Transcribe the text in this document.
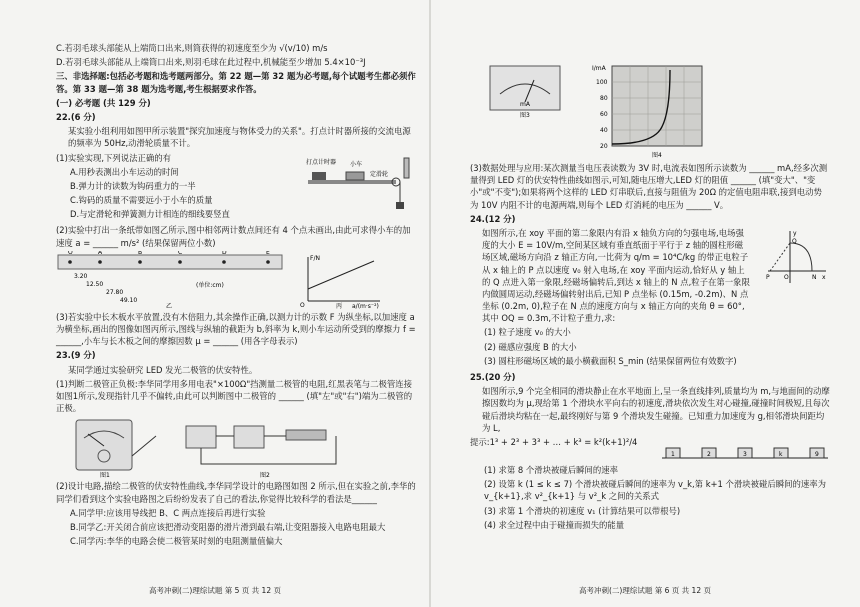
C.若羽毛球头部能从上端筒口出来,则筒获得的初速度至少为 √(v/10) m/s

D.若羽毛球头部能从上端筒口出来,则羽毛球在此过程中,机械能至少增加 5.4×10⁻³J

三、非选择题:包括必考题和选考题两部分。第 22 题—第 32 题为必考题,每个试题考生都必须作答。第 33 题—第 38 题为选考题,考生根据要求作答。

(一) 必考题 (共 129 分)

22.(6 分)

某实验小组利用如图甲所示装置"探究加速度与物体受力的关系"。打点计时器所接的交流电源的频率为 50Hz,动滑轮质量不计。

(1)实验实现,下列说法正确的有

A.用秒表测出小车运动的时间

B.弹力计的读数为钩码重力的一半

C.钩码的质量不需要远小于小车的质量

D.与定滑轮和弹簧测力计相连的细线要竖直

打点计时器 小车
定滑轮

(2)实验中打出一条纸带如图乙所示,图中相邻两计数点间还有 4 个点未画出,由此可求得小车的加速度 a = ______ m/s² (结果保留两位小数)

O	A	B	C	D	E
3.20
12.50
27.80
49.10
(单位:cm)
乙
F/N
a/(m·s⁻²)
O	丙

(3)若实验中长木板水平放置,没有木倍阻力,其余操作正确,以测力计的示数 F 为纵坐标,以加速度 a 为横坐标,画出的图像如图丙所示,图线与纵轴的截距为 b,斜率为 k,则小车运动所受到的摩擦力 f = ______,小车与长木板之间的摩擦因数 μ = ______ (用各字母表示)

23.(9 分)

某同学通过实验研究 LED 发光二极管的伏安特性。

(1)判断二极管正负极:李华同学用多用电表"×100Ω"挡测量二极管的电阻,红黑表笔与二极管连接如图1所示,发现指针几乎不偏转,由此可以判断图中二极管的 ______ (填"左"或"右")端为二极管的正极。

图1	图2

(2)设计电路,描绘二极管的伏安特性曲线,李华同学设计的电路图如图 2 所示,但在实验之前,李华的同学们看到这个实验电路图之后纷纷发表了自己的看法,你觉得比较科学的看法是______

A.同学甲:应该用导线把 B、C 两点连接后再进行实验

B.同学乙:开关闭合前应该把滑动变阻器的滑片滑到最右端,让变阻器接入电路电阻最大

C.同学丙:李华的电路会使二极管某时刻的电阻测量值偏大

高考冲刺(二)理综试题 第 5 页 共 12 页
mA
图3
I/mA
100
80
60
40
20
图4

(3)数据处理与应用:某次测量当电压表读数为 3V 时,电流表如图所示读数为 ______ mA,经多次测量得到 LED 灯的伏安特性曲线如图示,可知,随电压增大,LED 灯的阻值 ______ (填"变大"、"变小"或"不变");如果将两个这样的 LED 灯串联后,直接与阻值为 20Ω 的定值电阻串联,接到电动势为 10V 内阻不计的电源两端,则每个 LED 灯消耗的电压为 ______ V。

24.(12 分)

如图所示,在 xoy 平面的第二象限内有沿 x 轴负方向的匀强电场,电场强度的大小 E = 10V/m,空间某区域有垂直纸面于平行于 z 轴的圆柱形磁场区域,磁场方向沿 z 轴正方向,一比荷为 q/m = 10⁴C/kg 的带正电粒子从 x 轴上的 P 点以速度 v₀ 射入电场,在 xoy 平面内运动,恰好从 y 轴上的 Q 点进入第一象限,经磁场偏转后,到达 x 轴上的 N 点,粒子在第一象限内做圆周运动,经磁场偏转射出后,已知 P 点坐标 (0.15m, -0.2m)、N 点坐标 (0.2m, 0),粒子在 N 点的速度方向与 x 轴正方向的夹角 θ = 60°,其中 OQ = 0.3m,不计粒子重力,求:

(1) 粒子速度 v₀ 的大小

(2) 磁感应强度 B 的大小

(3) 圆柱形磁场区域的最小横截面积 S_min (结果保留两位有效数字)

y
x
O
P
Q
N

25.(20 分)

如图所示,9 个完全相同的滑块静止在水平地面上,呈一条直线排列,质量均为 m,与地面间的动摩擦因数均为 μ,现给第 1 个滑块水平向右的初速度,滑块依次发生对心碰撞,碰撞时间极短,且每次碰后滑块均粘在一起,最终刚好与第 9 个滑块发生碰撞。已知重力加速度为 g,相邻滑块间距均为 L,

提示:1³ + 2³ + 3³ + … + k³ = k²(k+1)²/4

1	2	3	k	9

(1) 求第 8 个滑块被碰后瞬间的速率

(2) 设第 k (1 ≤ k ≤ 7) 个滑块被碰后瞬间的速率为 v_k,第 k+1 个滑块被碰后瞬间的速率为 v_{k+1},求 v²_{k+1} 与 v²_k 之间的关系式

(3) 求第 1 个滑块的初速度 v₁ (计算结果可以带根号)

(4) 求全过程中由于碰撞而损失的能量

高考冲刺(二)理综试题 第 6 页 共 12 页
